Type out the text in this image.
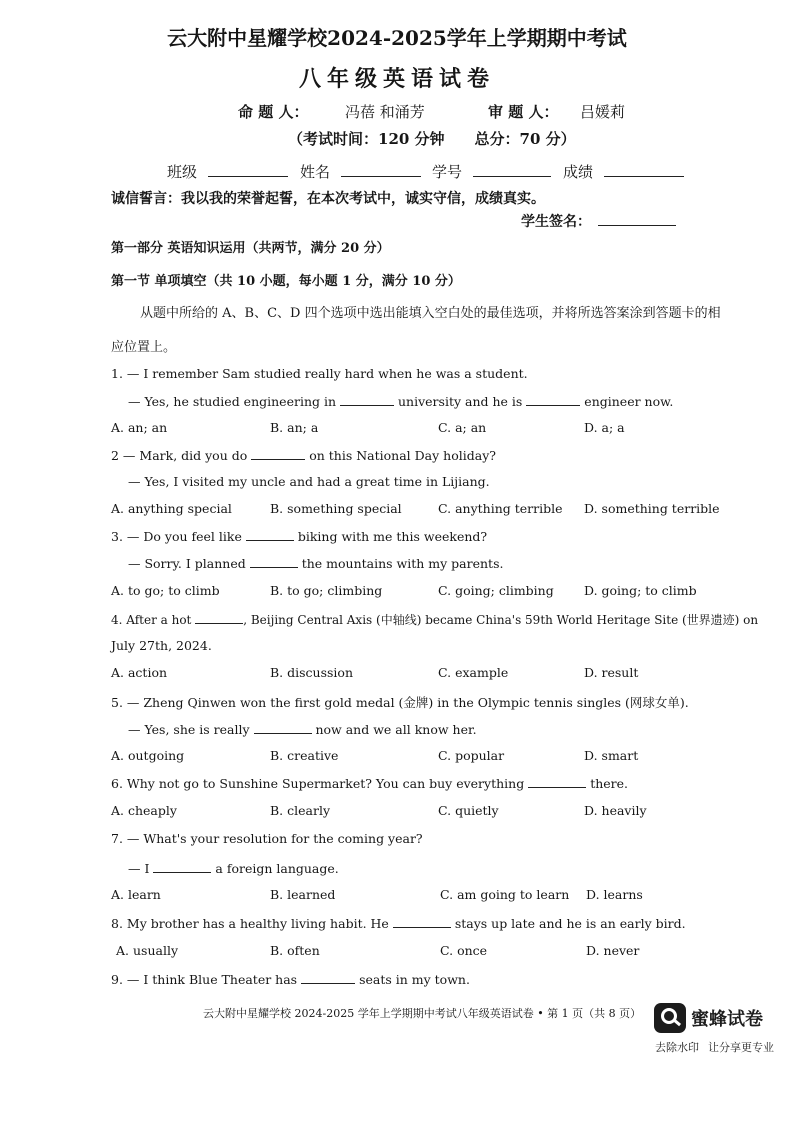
云大附中星耀学校2024-2025学年上学期期中考试
八年级英语试卷
命 题 人： 冯蓓 和涌芳	审 题 人： 吕媛莉
（考试时间：120 分钟　　总分：70 分）
班级	姓名	学号	成绩
诚信誓言：我以我的荣誉起誓，在本次考试中，诚实守信，成绩真实。
学生签名：
第一部分 英语知识运用（共两节，满分 20 分）
第一节 单项填空（共 10 小题，每小题 1 分，满分 10 分）
从题中所给的 A、B、C、D 四个选项中选出能填入空白处的最佳选项，并将所选答案涂到答题卡的相
应位置上。
1. — I remember Sam studied really hard when he was a student.
— Yes, he studied engineering in	university and he is	engineer now.
A. an; an	B. an; a	C. a; an	D. a; a
2 — Mark, did you do	on this National Day holiday?
— Yes, I visited my uncle and had a great time in Lijiang.
A. anything special	B. something special	C. anything terrible D. something terrible
3. — Do you feel like	biking with me this weekend?
— Sorry. I planned	the mountains with my parents.
A. to go; to climb	B. to go; climbing	C. going; climbing D. going; to climb
4. After a hot	, Beijing Central Axis (中轴线) became China's 59th World Heritage Site (世界遗迹) on
July 27th, 2024.
A. action	B. discussion	C. example	D. result
5. — Zheng Qinwen won the first gold medal (金牌) in the Olympic tennis singles (网球女单).
— Yes, she is really	now and we all know her.
A. outgoing	B. creative	C. popular	D. smart
6. Why not go to Sunshine Supermarket? You can buy everything	there.
A. cheaply	B. clearly	C. quietly	D. heavily
7. — What's your resolution for the coming year?
— I	a foreign language.
A. learn	B. learned	C. am going to learn D. learns
8. My brother has a healthy living habit. He	stays up late and he is an early bird.
A. usually	B. often	C. once	D. never
9. — I think Blue Theater has	seats in my town.
云大附中星耀学校 2024-2025 学年上学期期中考试八年级英语试卷 • 第 1 页（共 8 页）	蜜蜂试卷
去除水印 让分享更专业
